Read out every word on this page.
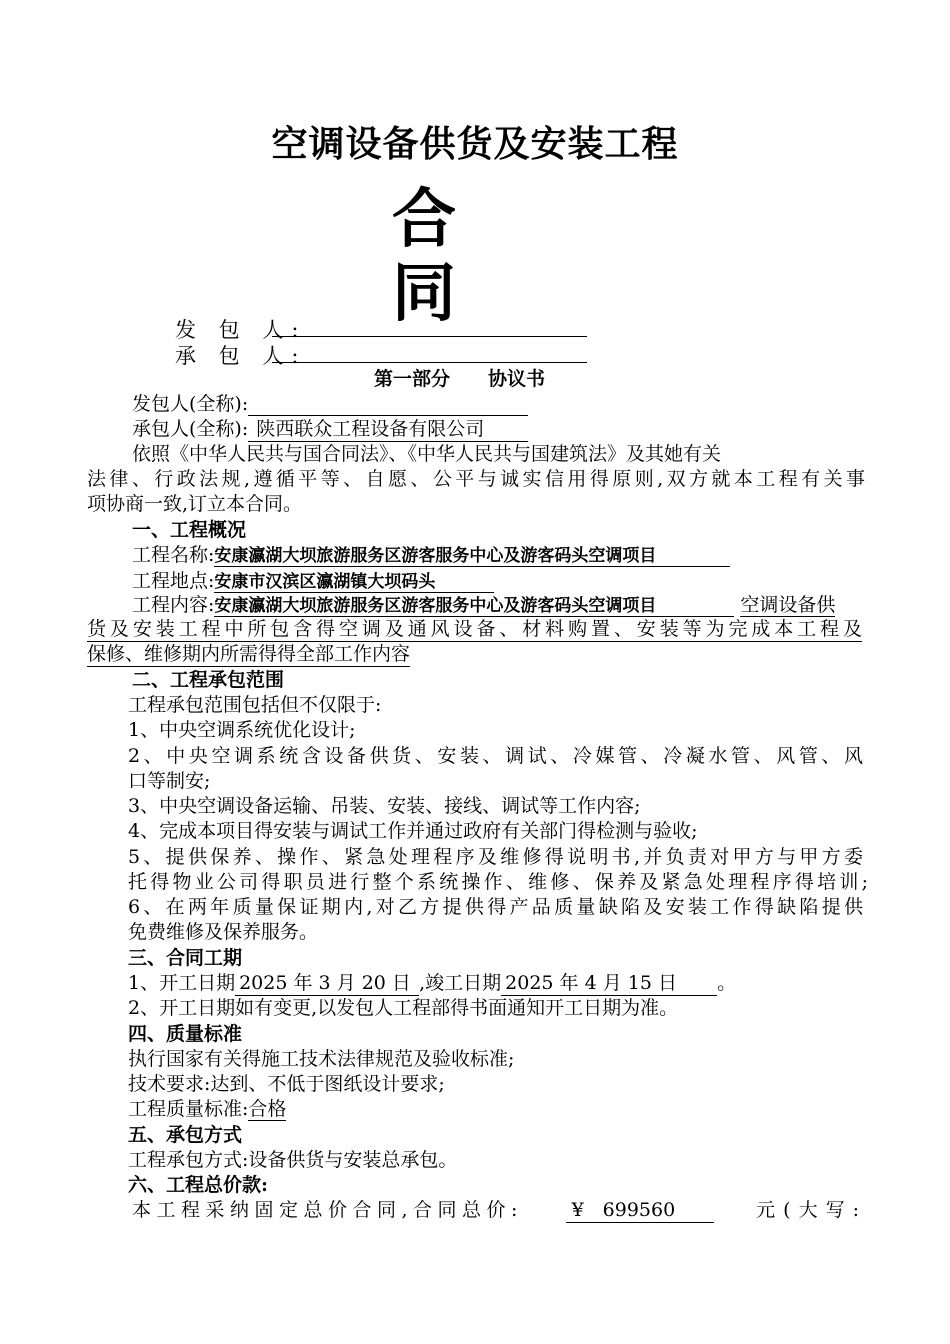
空调设备供货及安装工程
合
同
发 包 人:
承 包 人:
第一部分　　协议书
发包人(全称):
承包人(全称): 陕西联众工程设备有限公司
依照《中华人民共与国合同法》、《中华人民共与国建筑法》及其她有关
法律、行政法规,遵循平等、自愿、公平与诚实信用得原则,双方就本工程有关事
项协商一致,订立本合同。
一、工程概况
工程名称:安康瀛湖大坝旅游服务区游客服务中心及游客码头空调项目
工程地点:安康市汉滨区瀛湖镇大坝码头
工程内容:安康瀛湖大坝旅游服务区游客服务中心及游客码头空调项目	空调设备供
货及安装工程中所包含得空调及通风设备、材料购置、安装等为完成本工程及
保修、维修期内所需得得全部工作内容
二、工程承包范围
工程承包范围包括但不仅限于:
1、中央空调系统优化设计;
2、中央空调系统含设备供货、安装、调试、冷媒管、冷凝水管、风管、风
口等制安;
3、中央空调设备运输、吊装、安装、接线、调试等工作内容;
4、完成本项目得安装与调试工作并通过政府有关部门得检测与验收;
5、提供保养、操作、紧急处理程序及维修得说明书,并负责对甲方与甲方委
托得物业公司得职员进行整个系统操作、维修、保养及紧急处理程序得培训;
6、在两年质量保证期内,对乙方提供得产品质量缺陷及安装工作得缺陷提供
免费维修及保养服务。
三、合同工期
1、开工日期 2025 年 3 月 20 日 ,竣工日期 2025 年 4 月 15 日 。
2、开工日期如有变更,以发包人工程部得书面通知开工日期为准。
四、质量标准
执行国家有关得施工技术法律规范及验收标准;
技术要求:达到、不低于图纸设计要求;
工程质量标准:合格
五、承包方式
工程承包方式:设备供货与安装总承包。
六、工程总价款:
本工程采纳固定总价合同,合同总价:	¥　699560	元(大写:
